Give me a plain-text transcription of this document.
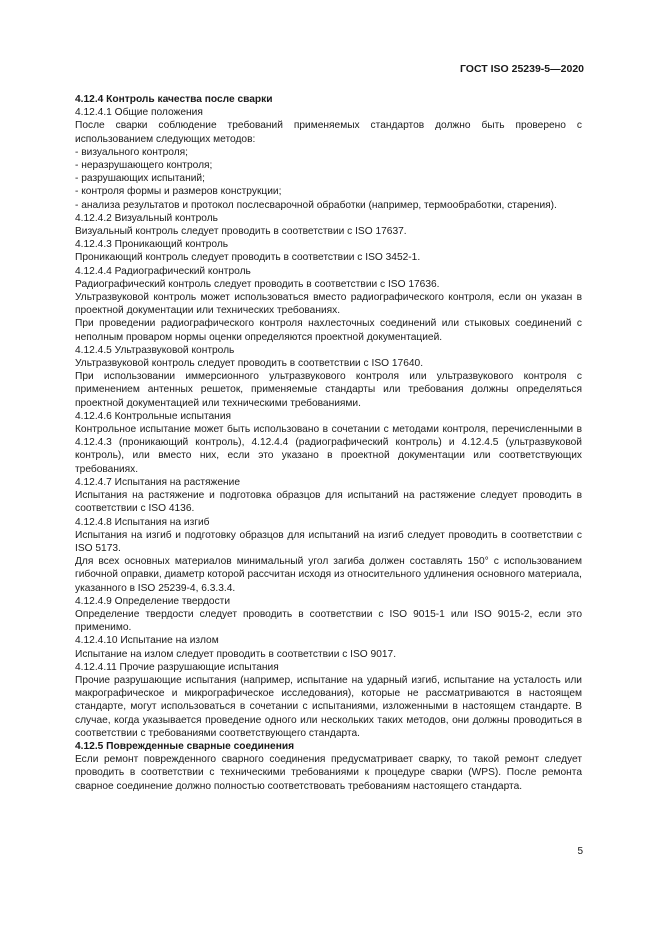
ГОСТ ISO 25239-5—2020

4.12.4 Контроль качества после сварки

4.12.4.1 Общие положения

После сварки соблюдение требований применяемых стандартов должно быть проверено с использованием следующих методов:

- визуального контроля;

- неразрушающего контроля;

- разрушающих испытаний;

- контроля формы и размеров конструкции;

- анализа результатов и протокол послесварочной обработки (например, термообработки, старения).

4.12.4.2 Визуальный контроль

Визуальный контроль следует проводить в соответствии с ISO 17637.

4.12.4.3 Проникающий контроль

Проникающий контроль следует проводить в соответствии с ISO 3452-1.

4.12.4.4 Радиографический контроль

Радиографический контроль следует проводить в соответствии с ISO 17636.

Ультразвуковой контроль может использоваться вместо радиографического контроля, если он указан в проектной документации или технических требованиях.

При проведении радиографического контроля нахлесточных соединений или стыковых соединений с неполным проваром нормы оценки определяются проектной документацией.

4.12.4.5 Ультразвуковой контроль

Ультразвуковой контроль следует проводить в соответствии с ISO 17640.

При использовании иммерсионного ультразвукового контроля или ультразвукового контроля с применением антенных решеток, применяемые стандарты или требования должны определяться проектной документацией или техническими требованиями.

4.12.4.6 Контрольные испытания

Контрольное испытание может быть использовано в сочетании с методами контроля, перечисленными в 4.12.4.3 (проникающий контроль), 4.12.4.4 (радиографический контроль) и 4.12.4.5 (ультразвуковой контроль), или вместо них, если это указано в проектной документации или соответствующих требованиях.

4.12.4.7 Испытания на растяжение

Испытания на растяжение и подготовка образцов для испытаний на растяжение следует проводить в соответствии с ISO 4136.

4.12.4.8 Испытания на изгиб

Испытания на изгиб и подготовку образцов для испытаний на изгиб следует проводить в соответствии с ISO 5173.

Для всех основных материалов минимальный угол загиба должен составлять 150° с использованием гибочной оправки, диаметр которой рассчитан исходя из относительного удлинения основного материала, указанного в ISO 25239-4, 6.3.3.4.

4.12.4.9 Определение твердости

Определение твердости следует проводить в соответствии с ISO 9015-1 или ISO 9015-2, если это применимо.

4.12.4.10 Испытание на излом

Испытание на излом следует проводить в соответствии с ISO 9017.

4.12.4.11 Прочие разрушающие испытания

Прочие разрушающие испытания (например, испытание на ударный изгиб, испытание на усталость или макрографическое и микрографическое исследования), которые не рассматриваются в настоящем стандарте, могут использоваться в сочетании с испытаниями, изложенными в настоящем стандарте. В случае, когда указывается проведение одного или нескольких таких методов, они должны проводиться в соответствии с требованиями соответствующего стандарта.

4.12.5 Поврежденные сварные соединения

Если ремонт поврежденного сварного соединения предусматривает сварку, то такой ремонт следует проводить в соответствии с техническими требованиями к процедуре сварки (WPS). После ремонта сварное соединение должно полностью соответствовать требованиям настоящего стандарта.

5
